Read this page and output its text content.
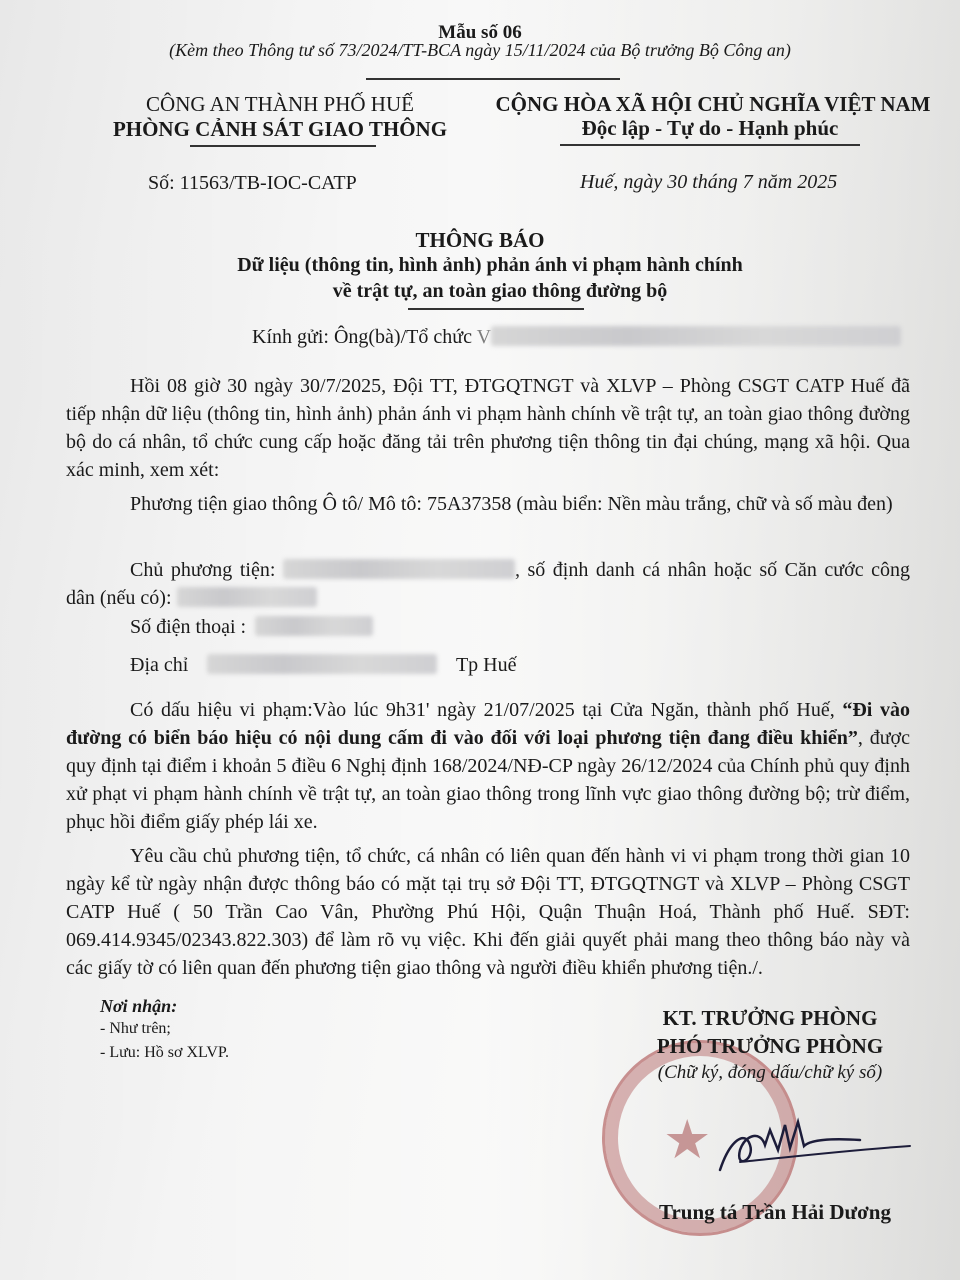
Mẫu số 06
(Kèm theo Thông tư số 73/2024/TT-BCA ngày 15/11/2024 của Bộ trưởng Bộ Công an)
CÔNG AN THÀNH PHỐ HUẾ
PHÒNG CẢNH SÁT GIAO THÔNG
CỘNG HÒA XÃ HỘI CHỦ NGHĨA VIỆT NAM
Độc lập - Tự do - Hạnh phúc
Số: 11563/TB-IOC-CATP	Huế, ngày 30 tháng 7 năm 2025
THÔNG BÁO
Dữ liệu (thông tin, hình ảnh) phản ánh vi phạm hành chính
về trật tự, an toàn giao thông đường bộ
Kính gửi: Ông(bà)/Tổ chức V
Hồi 08 giờ 30 ngày 30/7/2025, Đội TT, ĐTGQTNGT và XLVP – Phòng CSGT CATP Huế đã tiếp nhận dữ liệu (thông tin, hình ảnh) phản ánh vi phạm hành chính về trật tự, an toàn giao thông đường bộ do cá nhân, tổ chức cung cấp hoặc đăng tải trên phương tiện thông tin đại chúng, mạng xã hội. Qua xác minh, xem xét:
Phương tiện giao thông Ô tô/ Mô tô: 75A37358 (màu biển: Nền màu trắng, chữ và số màu đen)
Chủ phương tiện:	, số định danh cá nhân hoặc số Căn cước công dân (nếu có):
Số điện thoại :
Địa chỉ	Tp Huế
Có dấu hiệu vi phạm:Vào lúc 9h31' ngày 21/07/2025 tại Cửa Ngăn, thành phố Huế, “Đi vào đường có biển báo hiệu có nội dung cấm đi vào đối với loại phương tiện đang điều khiển”, được quy định tại điểm i khoản 5 điều 6 Nghị định 168/2024/NĐ-CP ngày 26/12/2024 của Chính phủ quy định xử phạt vi phạm hành chính về trật tự, an toàn giao thông trong lĩnh vực giao thông đường bộ; trừ điểm, phục hồi điểm giấy phép lái xe.
Yêu cầu chủ phương tiện, tổ chức, cá nhân có liên quan đến hành vi vi phạm trong thời gian 10 ngày kể từ ngày nhận được thông báo có mặt tại trụ sở Đội TT, ĐTGQTNGT và XLVP – Phòng CSGT CATP Huế ( 50 Trần Cao Vân, Phường Phú Hội, Quận Thuận Hoá, Thành phố Huế. SĐT: 069.414.9345/02343.822.303) để làm rõ vụ việc. Khi đến giải quyết phải mang theo thông báo này và các giấy tờ có liên quan đến phương tiện giao thông và người điều khiển phương tiện./.
Nơi nhận:
- Như trên;
- Lưu: Hồ sơ XLVP.
★
KT. TRƯỞNG PHÒNG
PHÓ TRƯỞNG PHÒNG
(Chữ ký, đóng dấu/chữ ký số)
Trung tá Trần Hải Dương
